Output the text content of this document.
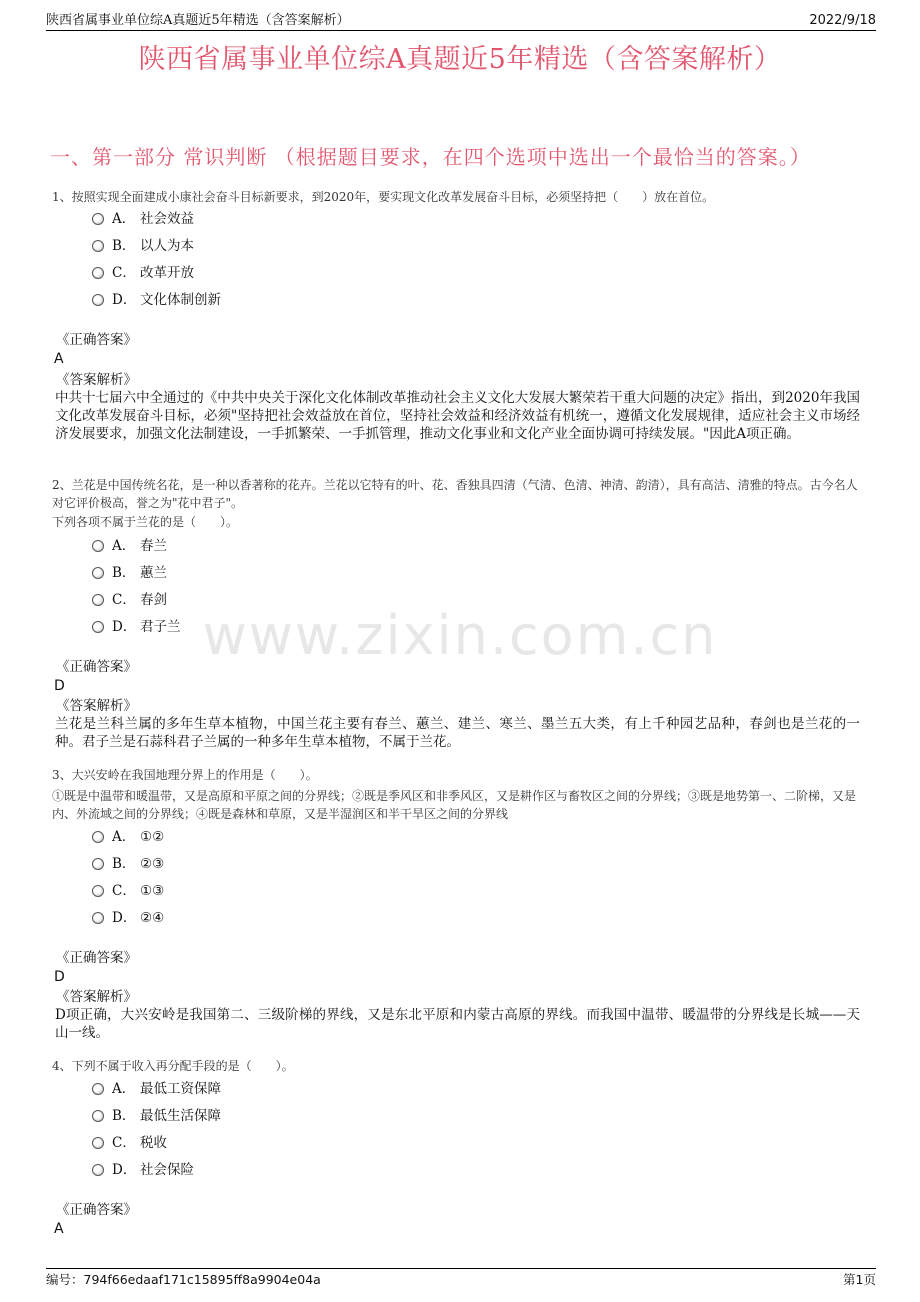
陕西省属事业单位综A真题近5年精选（含答案解析）	2022/9/18
陕西省属事业单位综A真题近5年精选（含答案解析）
一、第一部分 常识判断 （根据题目要求，在四个选项中选出一个最恰当的答案。）
1、按照实现全面建成小康社会奋斗目标新要求，到2020年，要实现文化改革发展奋斗目标，必须坚持把（　　）放在首位。
A． 社会效益
B． 以人为本
C． 改革开放
D． 文化体制创新
《正确答案》
A
《答案解析》
中共十七届六中全通过的《中共中央关于深化文化体制改革推动社会主义文化大发展大繁荣若干重大问题的决定》指出，到2020年我国文化改革发展奋斗目标，必须"坚持把社会效益放在首位，坚持社会效益和经济效益有机统一，遵循文化发展规律，适应社会主义市场经济发展要求，加强文化法制建设，一手抓繁荣、一手抓管理，推动文化事业和文化产业全面协调可持续发展。"因此A项正确。
2、兰花是中国传统名花，是一种以香著称的花卉。兰花以它特有的叶、花、香独具四清（气清、色清、神清、韵清），具有高洁、清雅的特点。古今名人对它评价极高，誉之为"花中君子"。
下列各项不属于兰花的是（　　）。
A． 春兰
B． 蕙兰
C． 春剑
D． 君子兰
《正确答案》
D
《答案解析》
兰花是兰科兰属的多年生草本植物，中国兰花主要有春兰、蕙兰、建兰、寒兰、墨兰五大类，有上千种园艺品种，春剑也是兰花的一种。君子兰是石蒜科君子兰属的一种多年生草本植物，不属于兰花。
3、大兴安岭在我国地理分界上的作用是（　　）。
①既是中温带和暖温带，又是高原和平原之间的分界线；②既是季风区和非季风区，又是耕作区与畜牧区之间的分界线；③既是地势第一、二阶梯，又是内、外流域之间的分界线；④既是森林和草原，又是半湿润区和半干旱区之间的分界线
A． ①②
B． ②③
C． ①③
D． ②④
《正确答案》
D
《答案解析》
D项正确，大兴安岭是我国第二、三级阶梯的界线，又是东北平原和内蒙古高原的界线。而我国中温带、暖温带的分界线是长城——天山一线。
4、下列不属于收入再分配手段的是（　　）。
A． 最低工资保障
B． 最低生活保障
C． 税收
D． 社会保险
《正确答案》
A
www.zixin.com.cn
编号：794f66edaaf171c15895ff8a9904e04a	第1页
